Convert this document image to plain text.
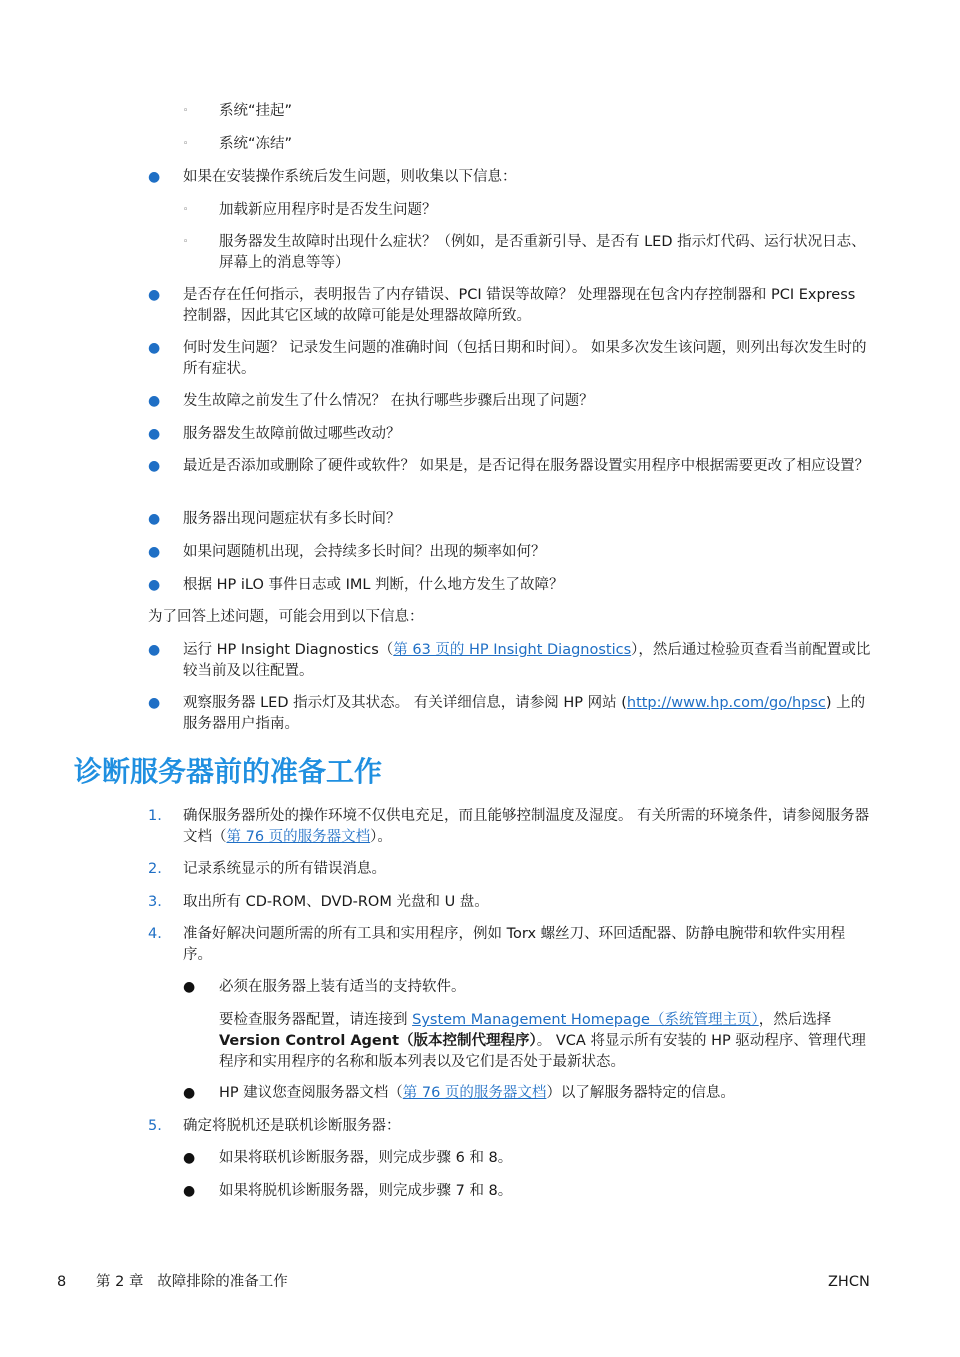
◦ 系统“挂起”
◦ 系统“冻结”
● 如果在安装操作系统后发生问题，则收集以下信息：
◦ 加载新应用程序时是否发生问题？
◦ 服务器发生故障时出现什么症状？（例如，是否重新引导、是否有 LED 指示灯代码、运行状况日志、屏幕上的消息等等）
● 是否存在任何指示，表明报告了内存错误、PCI 错误等故障？ 处理器现在包含内存控制器和 PCI Express 控制器，因此其它区域的故障可能是处理器故障所致。
● 何时发生问题？ 记录发生问题的准确时间（包括日期和时间）。 如果多次发生该问题，则列出每次发生时的所有症状。
● 发生故障之前发生了什么情况？ 在执行哪些步骤后出现了问题？
● 服务器发生故障前做过哪些改动？
● 最近是否添加或删除了硬件或软件？ 如果是，是否记得在服务器设置实用程序中根据需要更改了相应设置？
● 服务器出现问题症状有多长时间？
● 如果问题随机出现，会持续多长时间？出现的频率如何？
● 根据 HP iLO 事件日志或 IML 判断，什么地方发生了故障？
为了回答上述问题，可能会用到以下信息：
● 运行 HP Insight Diagnostics（第 63 页的 HP Insight Diagnostics），然后通过检验页查看当前配置或比较当前及以往配置。
● 观察服务器 LED 指示灯及其状态。 有关详细信息，请参阅 HP 网站 (http://www.hp.com/go/hpsc) 上的服务器用户指南。
诊断服务器前的准备工作
1. 确保服务器所处的操作环境不仅供电充足，而且能够控制温度及湿度。 有关所需的环境条件，请参阅服务器文档（第 76 页的服务器文档）。
2. 记录系统显示的所有错误消息。
3. 取出所有 CD-ROM、DVD-ROM 光盘和 U 盘。
4. 准备好解决问题所需的所有工具和实用程序，例如 Torx 螺丝刀、环回适配器、防静电腕带和软件实用程序。
● 必须在服务器上装有适当的支持软件。
要检查服务器配置，请连接到 System Management Homepage（系统管理主页），然后选择 Version Control Agent（版本控制代理程序）。 VCA 将显示所有安装的 HP 驱动程序、管理代理程序和实用程序的名称和版本列表以及它们是否处于最新状态。
● HP 建议您查阅服务器文档（第 76 页的服务器文档）以了解服务器特定的信息。
5. 确定将脱机还是联机诊断服务器：
● 如果将联机诊断服务器，则完成步骤 6 和 8。
● 如果将脱机诊断服务器，则完成步骤 7 和 8。
8 第 2 章   故障排除的准备工作	ZHCN
